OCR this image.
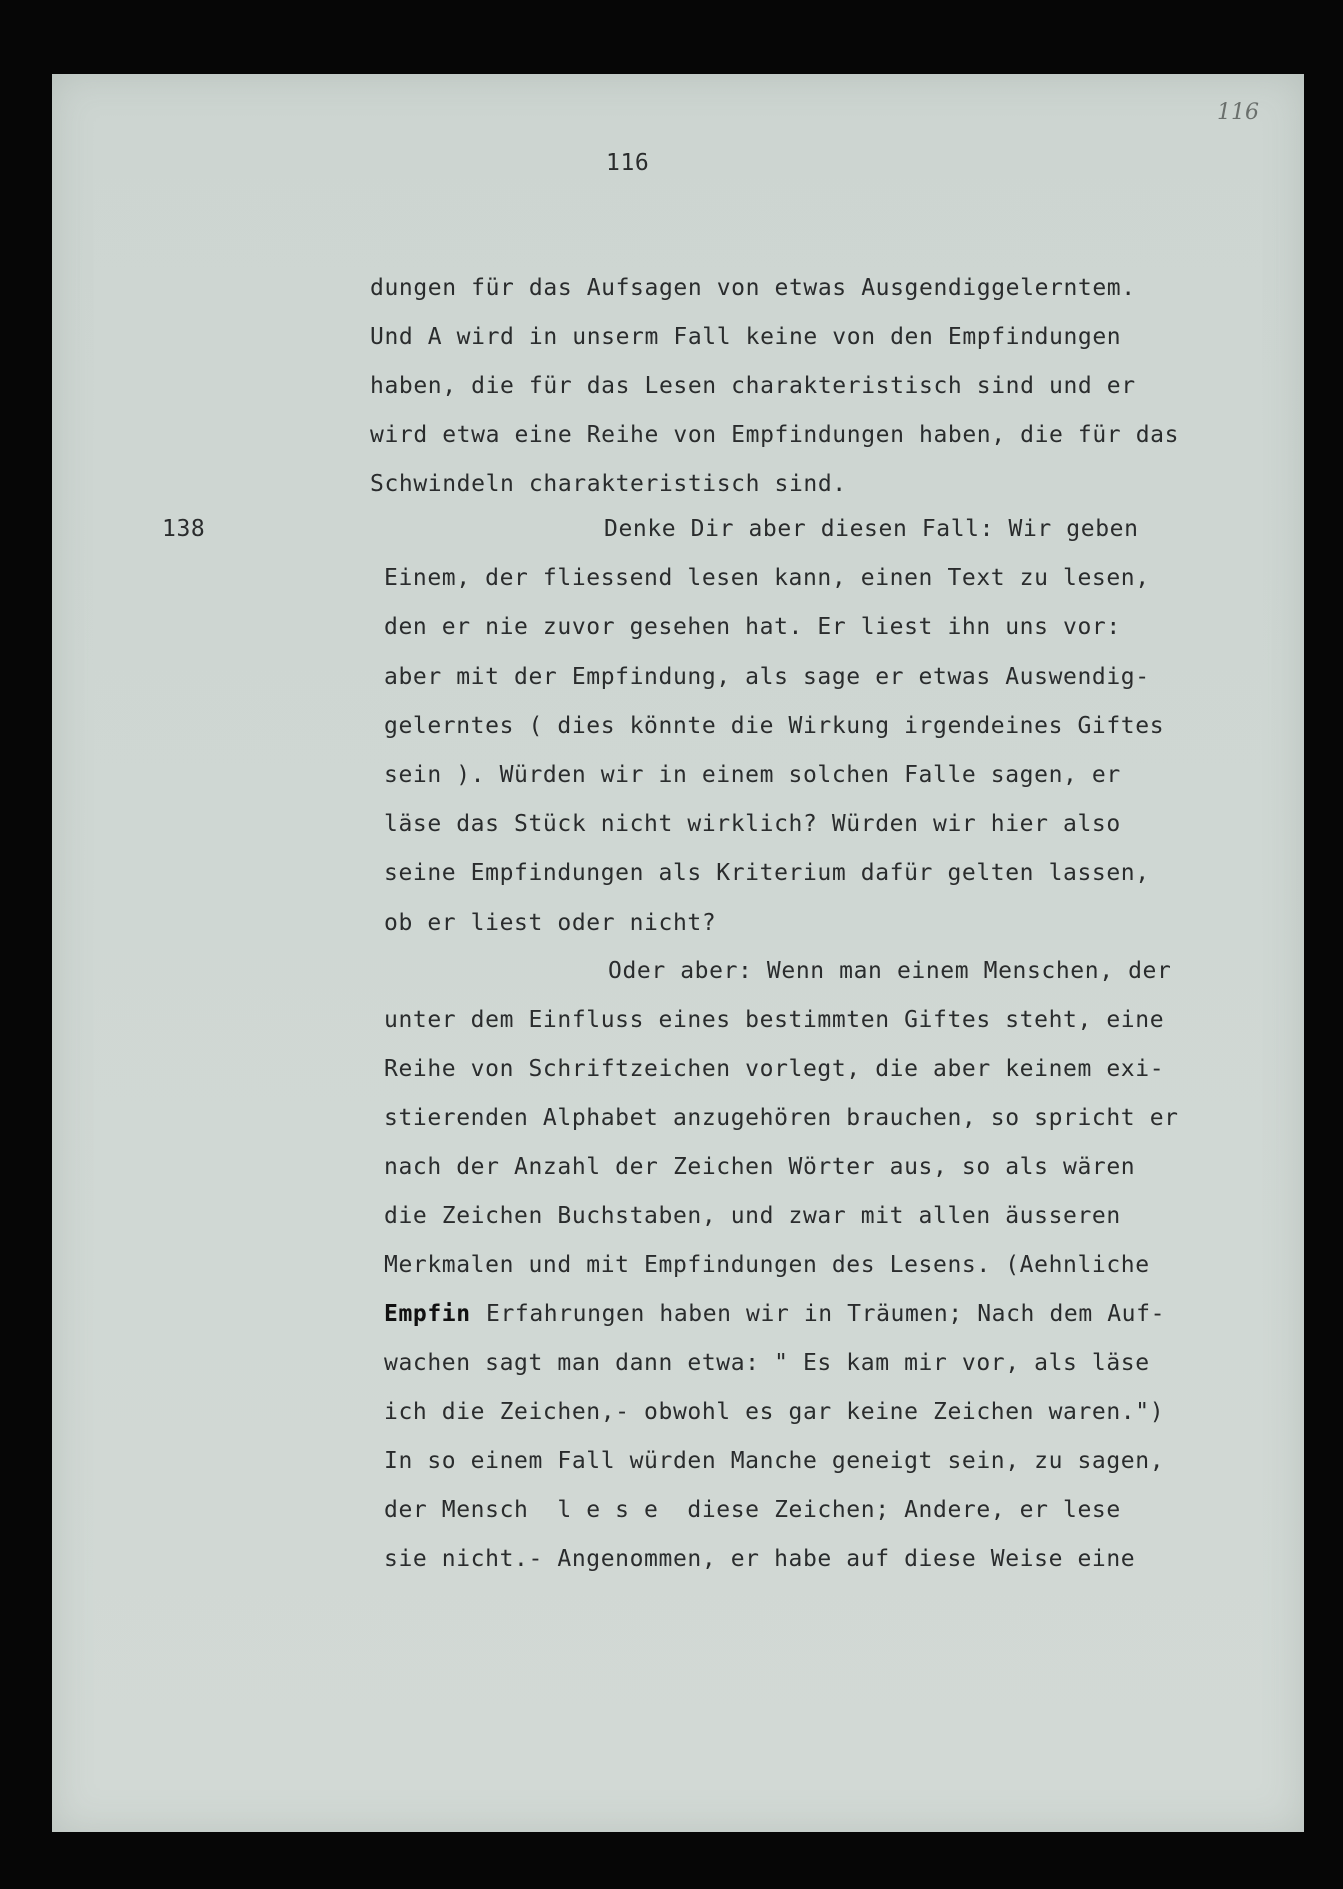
116
116
138
dungen für das Aufsagen von etwas Ausgendiggelerntem.
Und A wird in unserm Fall keine von den Empfindungen
haben, die für das Lesen charakteristisch sind und er
wird etwa eine Reihe von Empfindungen haben, die für das
Schwindeln charakteristisch sind.
Denke Dir aber diesen Fall: Wir geben
Einem, der fliessend lesen kann, einen Text zu lesen,
den er nie zuvor gesehen hat. Er liest ihn uns vor:
aber mit der Empfindung, als sage er etwas Auswendig-
gelerntes ( dies könnte die Wirkung irgendeines Giftes
sein ). Würden wir in einem solchen Falle sagen, er
läse das Stück nicht wirklich? Würden wir hier also
seine Empfindungen als Kriterium dafür gelten lassen,
ob er liest oder nicht?
Oder aber: Wenn man einem Menschen, der
unter dem Einfluss eines bestimmten Giftes steht, eine
Reihe von Schriftzeichen vorlegt, die aber keinem exi-
stierenden Alphabet anzugehören brauchen, so spricht er
nach der Anzahl der Zeichen Wörter aus, so als wären
die Zeichen Buchstaben, und zwar mit allen äusseren
Merkmalen und mit Empfindungen des Lesens. (Aehnliche
Empfin Erfahrungen haben wir in Träumen; Nach dem Auf-
wachen sagt man dann etwa: " Es kam mir vor, als läse
ich die Zeichen,- obwohl es gar keine Zeichen waren.")
In so einem Fall würden Manche geneigt sein, zu sagen,
der Mensch  l e s e  diese Zeichen; Andere, er lese
sie nicht.- Angenommen, er habe auf diese Weise eine
